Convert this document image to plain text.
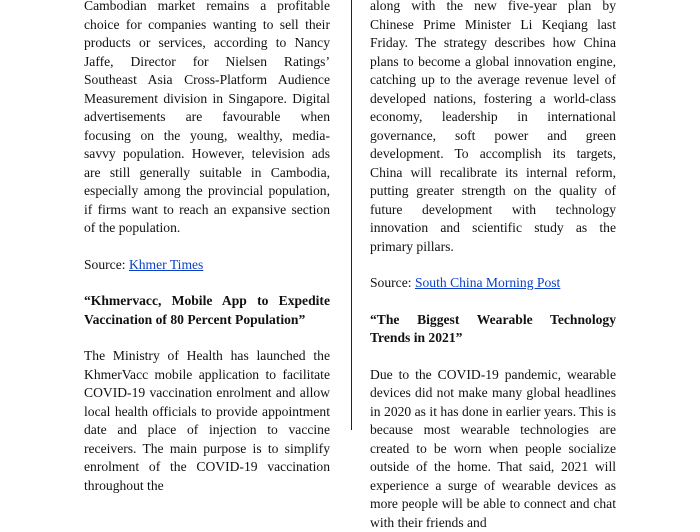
Cambodian market remains a profitable choice for companies wanting to sell their products or services, according to Nancy Jaffe, Director for Nielsen Ratings’ Southeast Asia Cross-Platform Audience Measurement division in Singapore. Digital advertisements are favourable when focusing on the young, wealthy, media-savvy population. However, television ads are still generally suitable in Cambodia, especially among the provincial population, if firms want to reach an expansive section of the population.

Source: Khmer Times

“Khmervacc, Mobile App to Expedite Vaccination of 80 Percent Population”

The Ministry of Health has launched the KhmerVacc mobile application to facilitate COVID-19 vaccination enrolment and allow local health officials to provide appointment date and place of injection to vaccine receivers. The main purpose is to simplify enrolment of the COVID-19 vaccination throughout the

along with the new five-year plan by Chinese Prime Minister Li Keqiang last Friday. The strategy describes how China plans to become a global innovation engine, catching up to the average revenue level of developed nations, fostering a world-class economy, leadership in international governance, soft power and green development. To accomplish its targets, China will recalibrate its internal reform, putting greater strength on the quality of future development with technology innovation and scientific study as the primary pillars.

Source: South China Morning Post

“The Biggest Wearable Technology Trends in 2021”

Due to the COVID-19 pandemic, wearable devices did not make many global headlines in 2020 as it has done in earlier years. This is because most wearable technologies are created to be worn when people socialize outside of the home. That said, 2021 will experience a surge of wearable devices as more people will be able to connect and chat with their friends and
